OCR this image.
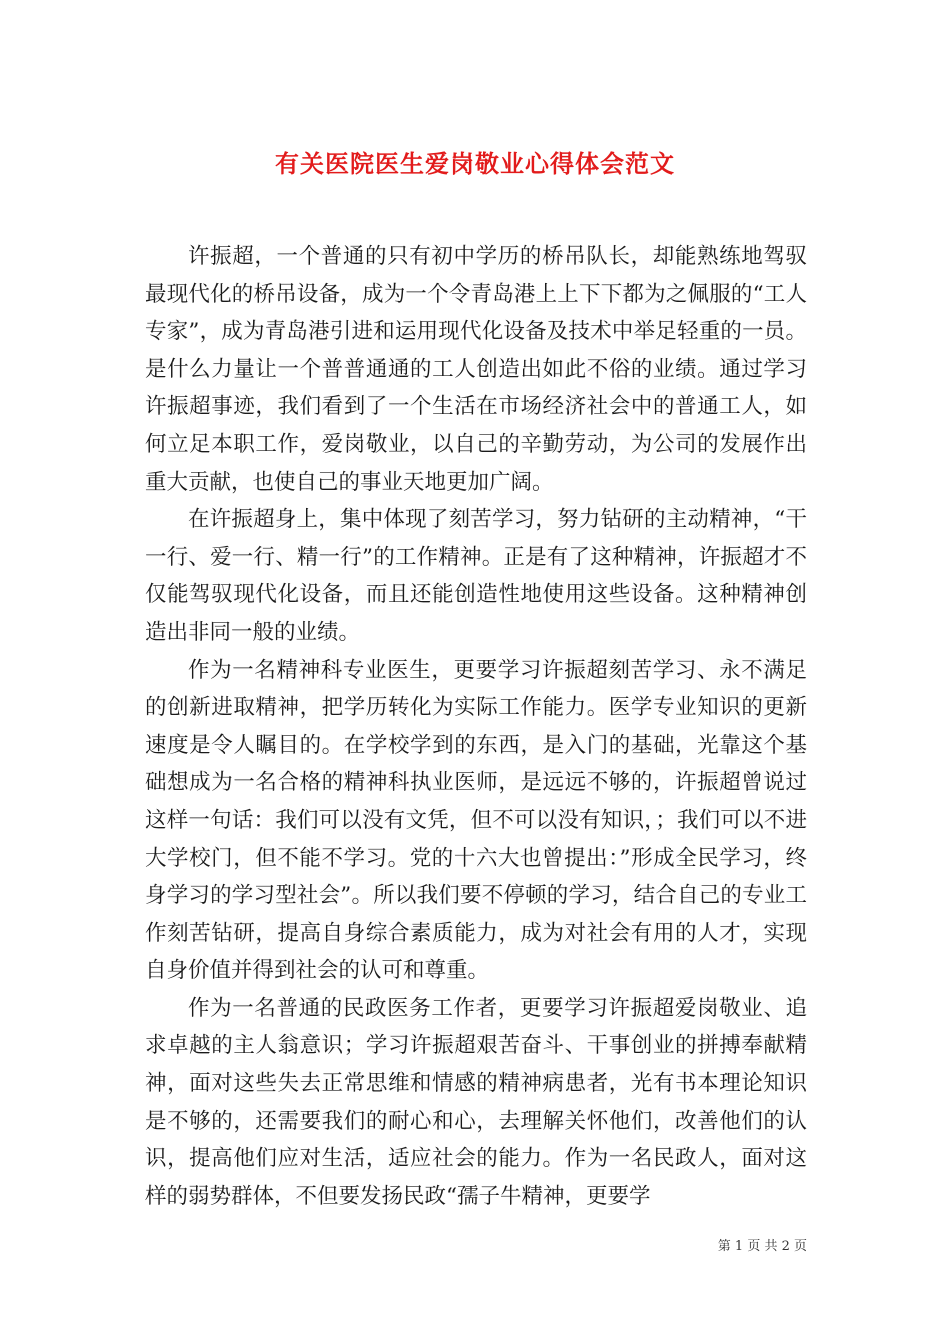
有关医院医生爱岗敬业心得体会范文

许振超，一个普通的只有初中学历的桥吊队长，却能熟练地驾驭最现代化的桥吊设备，成为一个令青岛港上上下下都为之佩服的“工人专家”，成为青岛港引进和运用现代化设备及技术中举足轻重的一员。是什么力量让一个普普通通的工人创造出如此不俗的业绩。通过学习许振超事迹，我们看到了一个生活在市场经济社会中的普通工人，如何立足本职工作，爱岗敬业，以自己的辛勤劳动，为公司的发展作出重大贡献，也使自己的事业天地更加广阔。

在许振超身上，集中体现了刻苦学习，努力钻研的主动精神，“干一行、爱一行、精一行”的工作精神。正是有了这种精神，许振超才不仅能驾驭现代化设备，而且还能创造性地使用这些设备。这种精神创造出非同一般的业绩。

作为一名精神科专业医生，更要学习许振超刻苦学习、永不满足的创新进取精神，把学历转化为实际工作能力。医学专业知识的更新速度是令人瞩目的。在学校学到的东西，是入门的基础，光靠这个基础想成为一名合格的精神科执业医师，是远远不够的，许振超曾说过这样一句话：我们可以没有文凭，但不可以没有知识，；我们可以不进大学校门，但不能不学习。党的十六大也曾提出：”形成全民学习，终身学习的学习型社会”。所以我们要不停顿的学习，结合自己的专业工作刻苦钻研，提高自身综合素质能力，成为对社会有用的人才，实现自身价值并得到社会的认可和尊重。

作为一名普通的民政医务工作者，更要学习许振超爱岗敬业、追求卓越的主人翁意识；学习许振超艰苦奋斗、干事创业的拼搏奉献精神，面对这些失去正常思维和情感的精神病患者，光有书本理论知识是不够的，还需要我们的耐心和心，去理解关怀他们，改善他们的认识，提高他们应对生活，适应社会的能力。作为一名民政人，面对这样的弱势群体，不但要发扬民政“孺子牛精神，更要学

第 1 页 共 2 页
